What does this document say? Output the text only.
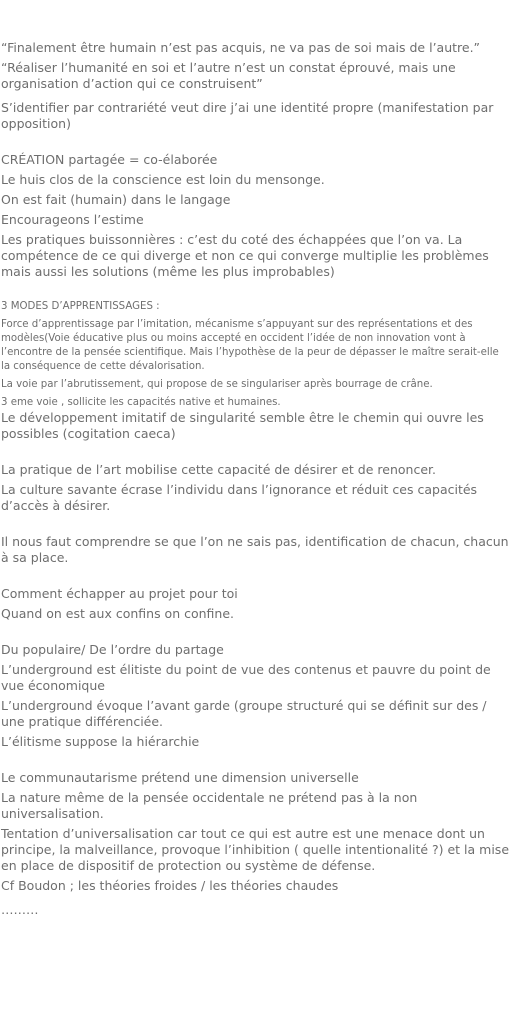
“Finalement être humain n’est pas acquis, ne va pas de soi mais de l’autre.”

“Réaliser l’humanité en soi et l’autre n’est un constat éprouvé, mais une organisation d’action qui ce construisent”

S’identifier par contrariété veut dire j’ai une identité propre (manifestation par opposition)

CRÉATION partagée = co-élaborée

Le huis clos de la conscience est loin du mensonge.

On est fait (humain) dans le langage

Encourageons l’estime

Les pratiques buissonnières : c’est du coté des échappées que l’on va. La compétence de ce qui diverge et non ce qui converge multiplie les problèmes mais aussi les solutions (même les plus improbables)

3 MODES D’APPRENTISSAGES :

Force d’apprentissage par l’imitation, mécanisme s’appuyant sur des représentations et des modèles(Voie éducative plus ou moins accepté en occident l’idée de non innovation vont à l’encontre de la pensée scientifique. Mais l’hypothèse de la peur de dépasser le maître serait-elle la conséquence de cette dévalorisation.

La voie par l’abrutissement, qui propose de se singulariser après bourrage de crâne.

3 eme voie , sollicite les capacités native et humaines.

Le développement imitatif de singularité semble être le chemin qui ouvre les possibles (cogitation caeca)

La pratique de l’art mobilise cette capacité de désirer et de renoncer.

La culture savante écrase l’individu dans l’ignorance et réduit ces capacités d’accès à désirer.

Il nous faut comprendre se que l’on ne sais pas, identification de chacun, chacun à sa place.

Comment échapper au projet pour toi

Quand on est aux confins on confine.

Du populaire/ De l’ordre du partage

L’underground est élitiste du point de vue des contenus et pauvre du point de vue économique

L’underground évoque l’avant garde (groupe structuré qui se définit sur des / une pratique différenciée.

L’élitisme suppose la hiérarchie

Le communautarisme prétend une dimension universelle

La nature même de la pensée occidentale ne prétend pas à la non universalisation.

Tentation d’universalisation car tout ce qui est autre est une menace dont un principe, la malveillance, provoque l’inhibition ( quelle intentionalité ?) et la mise en place de dispositif de protection ou système de défense.

Cf Boudon ; les théories froides / les théories chaudes

………
